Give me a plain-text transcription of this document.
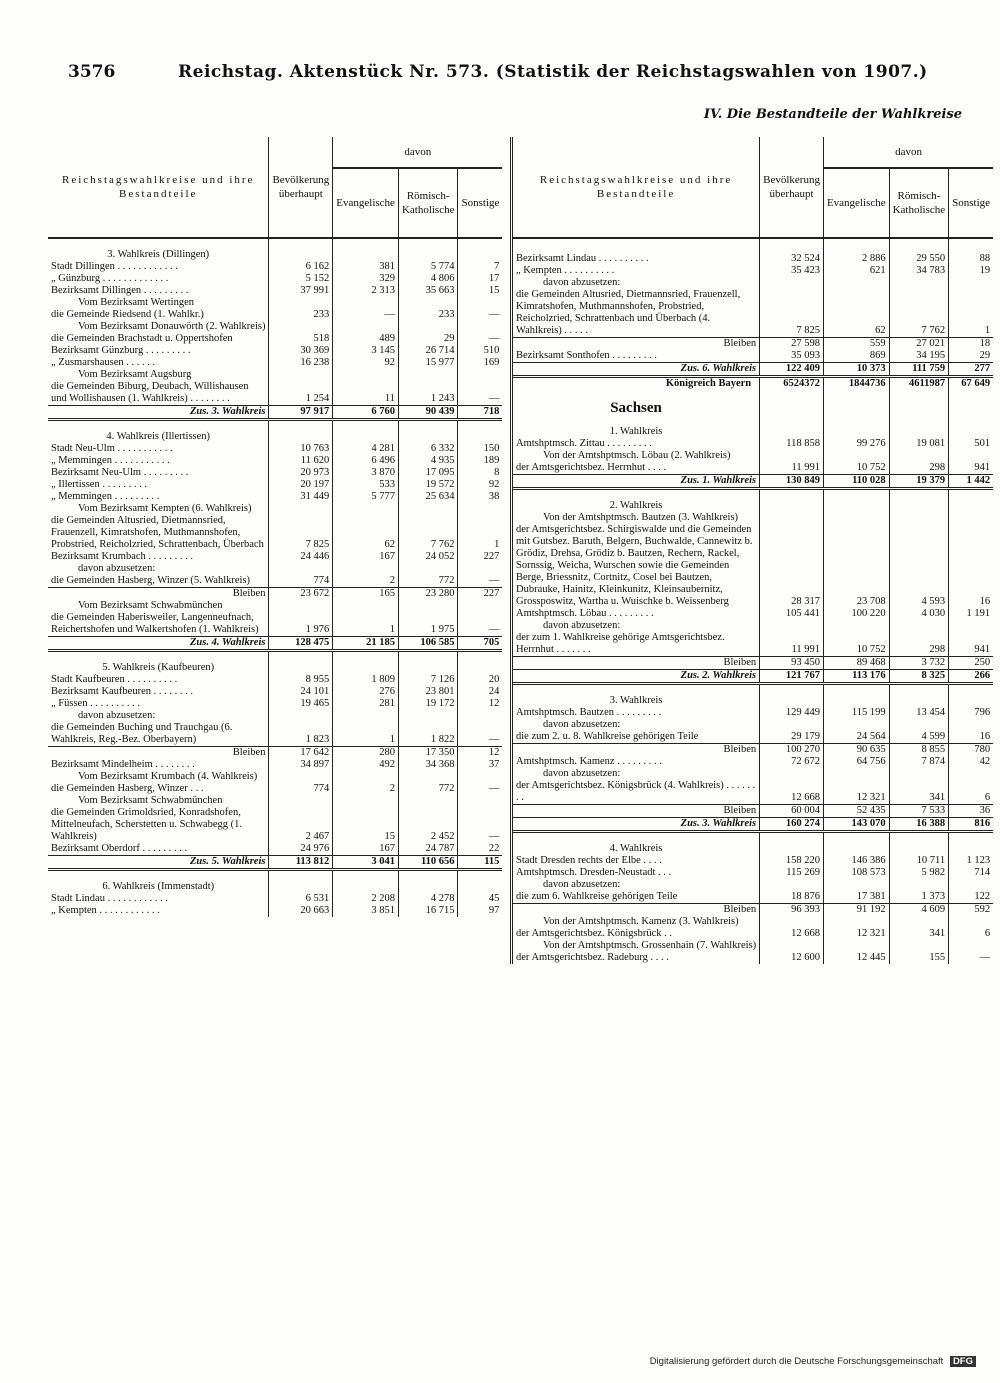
3576	Reichstag. Aktenstück Nr. 573. (Statistik der Reichstagswahlen von 1907.)
IV. Die Bestandteile der Wahlkreise
Reichstagswahlkreise und ihre Bestandteile	Bevölkerung überhaupt	davon		
		Evangelische	Römisch-Katholische	Sonstige
3. Wahlkreis (Dillingen)				
Stadt Dillingen . . . . . . . . . . . .	6 162	381	5 774	7
„ Günzburg . . . . . . . . . . . . .	5 152	329	4 806	17
Bezirksamt Dillingen . . . . . . . . .	37 991	2 313	35 663	15
Vom Bezirksamt Wertingen				
die Gemeinde Riedsend (1. Wahlkr.)	233	—	233	—
Vom Bezirksamt Donauwörth (2. Wahlkreis)				
die Gemeinden Brachstadt u. Oppertshofen	518	489	29	—
Bezirksamt Günzburg . . . . . . . . .	30 369	3 145	26 714	510
„ Zusmarshausen . . . . . .	16 238	92	15 977	169
Vom Bezirksamt Augsburg				
die Gemeinden Biburg, Deubach, Willishausen und Wollishausen (1. Wahlkreis) . . . . . . . .	1 254	11	1 243	—
Zus. 3. Wahlkreis	97 917	6 760	90 439	718
4. Wahlkreis (Illertissen)				
Stadt Neu-Ulm . . . . . . . . . . .	10 763	4 281	6 332	150
„ Memmingen . . . . . . . . . . .	11 620	6 496	4 935	189
Bezirksamt Neu-Ulm . . . . . . . . .	20 973	3 870	17 095	8
„ Illertissen . . . . . . . . .	20 197	533	19 572	92
„ Memmingen . . . . . . . . .	31 449	5 777	25 634	38
Vom Bezirksamt Kempten (6. Wahlkreis)				
die Gemeinden Altusried, Dietmannsried, Frauenzell, Kimratshofen, Muthmannshofen, Probstried, Reicholzried, Schrattenbach, Überbach	7 825	62	7 762	1
Bezirksamt Krumbach . . . . . . . . .	24 446	167	24 052	227
davon abzusetzen:				
die Gemeinden Hasberg, Winzer (5. Wahlkreis)	774	2	772	—
Bleiben	23 672	165	23 280	227
Vom Bezirksamt Schwabmünchen				
die Gemeinden Haberisweiler, Langenneufnach, Reichertshofen und Walkertshofen (1. Wahlkreis)	1 976	1	1 975	—
Zus. 4. Wahlkreis	128 475	21 185	106 585	705
5. Wahlkreis (Kaufbeuren)				
Stadt Kaufbeuren . . . . . . . . . .	8 955	1 809	7 126	20
Bezirksamt Kaufbeuren . . . . . . . .	24 101	276	23 801	24
„ Füssen . . . . . . . . . .	19 465	281	19 172	12
davon abzusetzen:				
die Gemeinden Buching und Trauchgau (6. Wahlkreis, Reg.-Bez. Oberbayern)	1 823	1	1 822	—
Bleiben	17 642	280	17 350	12
Bezirksamt Mindelheim . . . . . . . .	34 897	492	34 368	37
Vom Bezirksamt Krumbach (4. Wahlkreis)				
die Gemeinden Hasberg, Winzer . . .	774	2	772	—
Vom Bezirksamt Schwabmünchen				
die Gemeinden Grimoldsried, Konradshofen, Mittelneufach, Scherstetten u. Schwabegg (1. Wahlkreis)	2 467	15	2 452	—
Bezirksamt Oberdorf . . . . . . . . .	24 976	167	24 787	22
Zus. 5. Wahlkreis	113 812	3 041	110 656	115
6. Wahlkreis (Immenstadt)				
Stadt Lindau . . . . . . . . . . . .	6 531	2 208	4 278	45
„ Kempten . . . . . . . . . . . .	20 663	3 851	16 715	97
Reichstagswahlkreise und ihre Bestandteile	Bevölkerung überhaupt	davon		
		Evangelische	Römisch-Katholische	Sonstige
Bezirksamt Lindau . . . . . . . . . .	32 524	2 886	29 550	88
„ Kempten . . . . . . . . . .	35 423	621	34 783	19
davon abzusetzen:				
die Gemeinden Altusried, Dietmannsried, Frauenzell, Kimratshofen, Muthmannshofen, Probstried, Reicholzried, Schrattenbach und Überbach (4. Wahlkreis) . . . . .	7 825	62	7 762	1
Bleiben	27 598	559	27 021	18
Bezirksamt Sonthofen . . . . . . . . .	35 093	869	34 195	29
Zus. 6. Wahlkreis	122 409	10 373	111 759	277
Königreich Bayern	6524372	1844736	4611987	67 649
Sachsen				
1. Wahlkreis				
Amtshptmsch. Zittau . . . . . . . . .	118 858	99 276	19 081	501
Von der Amtshptmsch. Löbau (2. Wahlkreis)				
der Amtsgerichtsbez. Herrnhut . . . .	11 991	10 752	298	941
Zus. 1. Wahlkreis	130 849	110 028	19 379	1 442
2. Wahlkreis				
Von der Amtshptmsch. Bautzen (3. Wahlkreis)				
der Amtsgerichtsbez. Schirgiswalde und die Gemeinden mit Gutsbez. Baruth, Belgern, Buchwalde, Cannewitz b. Grödiz, Drehsa, Grödiz b. Bautzen, Rechern, Rackel, Sornssig, Weicha, Wurschen sowie die Gemeinden Berge, Briessnitz, Cortnitz, Cosel bei Bautzen, Dubrauke, Hainitz, Kleinkunitz, Kleinsaubernitz, Grossposwitz, Wartha u. Wuischke b. Weissenberg	28 317	23 708	4 593	16
Amtshptmsch. Löbau . . . . . . . . .	105 441	100 220	4 030	1 191
davon abzusetzen:				
der zum 1. Wahlkreise gehörige Amtsgerichtsbez. Herrnhut . . . . . . .	11 991	10 752	298	941
Bleiben	93 450	89 468	3 732	250
Zus. 2. Wahlkreis	121 767	113 176	8 325	266
3. Wahlkreis				
Amtshptmsch. Bautzen . . . . . . . . .	129 449	115 199	13 454	796
davon abzusetzen:				
die zum 2. u. 8. Wahlkreise gehörigen Teile	29 179	24 564	4 599	16
Bleiben	100 270	90 635	8 855	780
Amtshptmsch. Kamenz . . . . . . . . .	72 672	64 756	7 874	42
davon abzusetzen:				
der Amtsgerichtsbez. Königsbrück (4. Wahlkreis) . . . . . . . .	12 668	12 321	341	6
Bleiben	60 004	52 435	7 533	36
Zus. 3. Wahlkreis	160 274	143 070	16 388	816
4. Wahlkreis				
Stadt Dresden rechts der Elbe . . . .	158 220	146 386	10 711	1 123
Amtshptmsch. Dresden-Neustadt . . .	115 269	108 573	5 982	714
davon abzusetzen:				
die zum 6. Wahlkreise gehörigen Teile	18 876	17 381	1 373	122
Bleiben	96 393	91 192	4 609	592
Von der Amtshptmsch. Kamenz (3. Wahlkreis)				
der Amtsgerichtsbez. Königsbrück . .	12 668	12 321	341	6
Von der Amtshptmsch. Grossenhain (7. Wahlkreis)				
der Amtsgerichtsbez. Radeburg . . . .	12 600	12 445	155	—
Digitalisierung gefördert durch die Deutsche Forschungsgemeinschaft DFG
